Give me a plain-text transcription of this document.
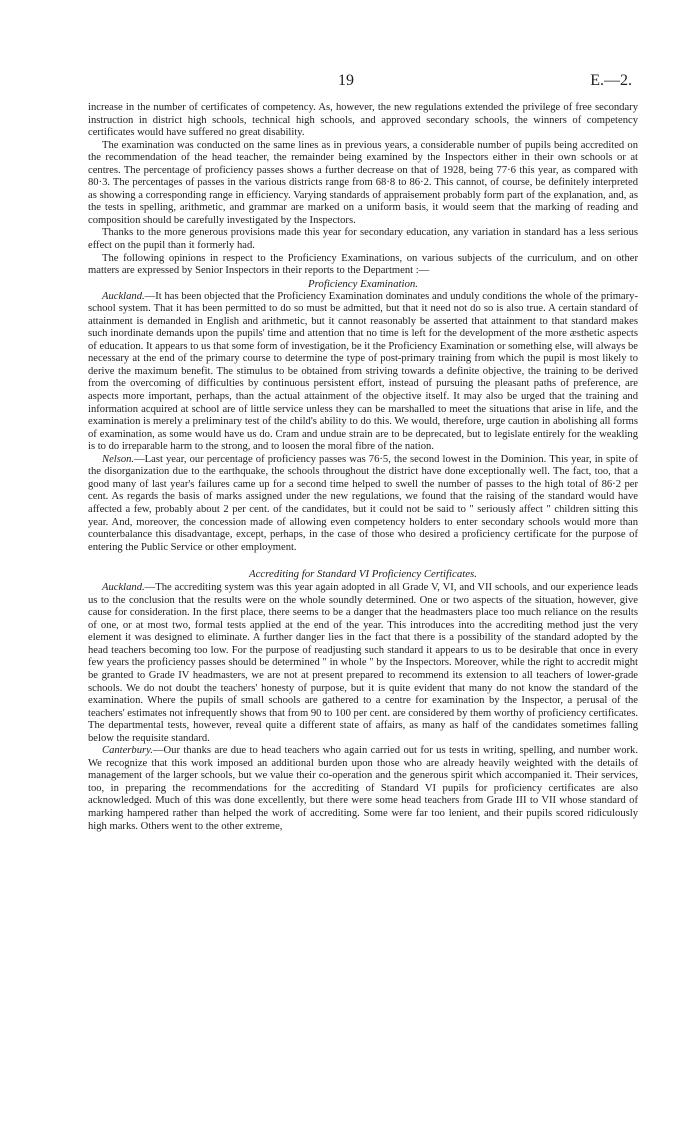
19	E.—2.

increase in the number of certificates of competency. As, however, the new regulations extended the privilege of free secondary instruction in district high schools, technical high schools, and approved secondary schools, the winners of competency certificates would have suffered no great disability.

The examination was conducted on the same lines as in previous years, a considerable number of pupils being accredited on the recommendation of the head teacher, the remainder being examined by the Inspectors either in their own schools or at centres. The percentage of proficiency passes shows a further decrease on that of 1928, being 77·6 this year, as compared with 80·3. The percentages of passes in the various districts range from 68·8 to 86·2. This cannot, of course, be definitely interpreted as showing a corresponding range in efficiency. Varying standards of appraisement probably form part of the explanation, and, as the tests in spelling, arithmetic, and grammar are marked on a uniform basis, it would seem that the marking of reading and composition should be carefully investigated by the Inspectors.

Thanks to the more generous provisions made this year for secondary education, any variation in standard has a less serious effect on the pupil than it formerly had.

The following opinions in respect to the Proficiency Examinations, on various subjects of the curriculum, and on other matters are expressed by Senior Inspectors in their reports to the Department :—

Proficiency Examination.

Auckland.—It has been objected that the Proficiency Examination dominates and unduly conditions the whole of the primary-school system. That it has been permitted to do so must be admitted, but that it need not do so is also true. A certain standard of attainment is demanded in English and arithmetic, but it cannot reasonably be asserted that attainment to that standard makes such inordinate demands upon the pupils' time and attention that no time is left for the development of the more æsthetic aspects of education. It appears to us that some form of investigation, be it the Proficiency Examination or something else, will always be necessary at the end of the primary course to determine the type of post-primary training from which the pupil is most likely to derive the maximum benefit. The stimulus to be obtained from striving towards a definite objective, the training to be derived from the overcoming of difficulties by continuous persistent effort, instead of pursuing the pleasant paths of preference, are aspects more important, perhaps, than the actual attainment of the objective itself. It may also be urged that the training and information acquired at school are of little service unless they can be marshalled to meet the situations that arise in life, and the examination is merely a preliminary test of the child's ability to do this. We would, therefore, urge caution in abolishing all forms of examination, as some would have us do. Cram and undue strain are to be deprecated, but to legislate entirely for the weakling is to do irreparable harm to the strong, and to loosen the moral fibre of the nation.

Nelson.—Last year, our percentage of proficiency passes was 76·5, the second lowest in the Dominion. This year, in spite of the disorganization due to the earthquake, the schools throughout the district have done exceptionally well. The fact, too, that a good many of last year's failures came up for a second time helped to swell the number of passes to the high total of 86·2 per cent. As regards the basis of marks assigned under the new regulations, we found that the raising of the standard would have affected a few, probably about 2 per cent. of the candidates, but it could not be said to " seriously affect " children sitting this year. And, moreover, the concession made of allowing even competency holders to enter secondary schools would more than counterbalance this disadvantage, except, perhaps, in the case of those who desired a proficiency certificate for the purpose of entering the Public Service or other employment.

Accrediting for Standard VI Proficiency Certificates.

Auckland.—The accrediting system was this year again adopted in all Grade V, VI, and VII schools, and our experience leads us to the conclusion that the results were on the whole soundly determined. One or two aspects of the situation, however, give cause for consideration. In the first place, there seems to be a danger that the headmasters place too much reliance on the results of one, or at most two, formal tests applied at the end of the year. This introduces into the accrediting method just the very element it was designed to eliminate. A further danger lies in the fact that there is a possibility of the standard adopted by the head teachers becoming too low. For the purpose of readjusting such standard it appears to us to be desirable that once in every few years the proficiency passes should be determined " in whole " by the Inspectors. Moreover, while the right to accredit might be granted to Grade IV headmasters, we are not at present prepared to recommend its extension to all teachers of lower-grade schools. We do not doubt the teachers' honesty of purpose, but it is quite evident that many do not know the standard of the examination. Where the pupils of small schools are gathered to a centre for examination by the Inspector, a perusal of the teachers' estimates not infrequently shows that from 90 to 100 per cent. are considered by them worthy of proficiency certificates. The departmental tests, however, reveal quite a different state of affairs, as many as half of the candidates sometimes falling below the requisite standard.

Canterbury.—Our thanks are due to head teachers who again carried out for us tests in writing, spelling, and number work. We recognize that this work imposed an additional burden upon those who are already heavily weighted with the details of management of the larger schools, but we value their co-operation and the generous spirit which accompanied it. Their services, too, in preparing the recommendations for the accrediting of Standard VI pupils for proficiency certificates are also acknowledged. Much of this was done excellently, but there were some head teachers from Grade III to VII whose standard of marking hampered rather than helped the work of accrediting. Some were far too lenient, and their pupils scored ridiculously high marks. Others went to the other extreme,
